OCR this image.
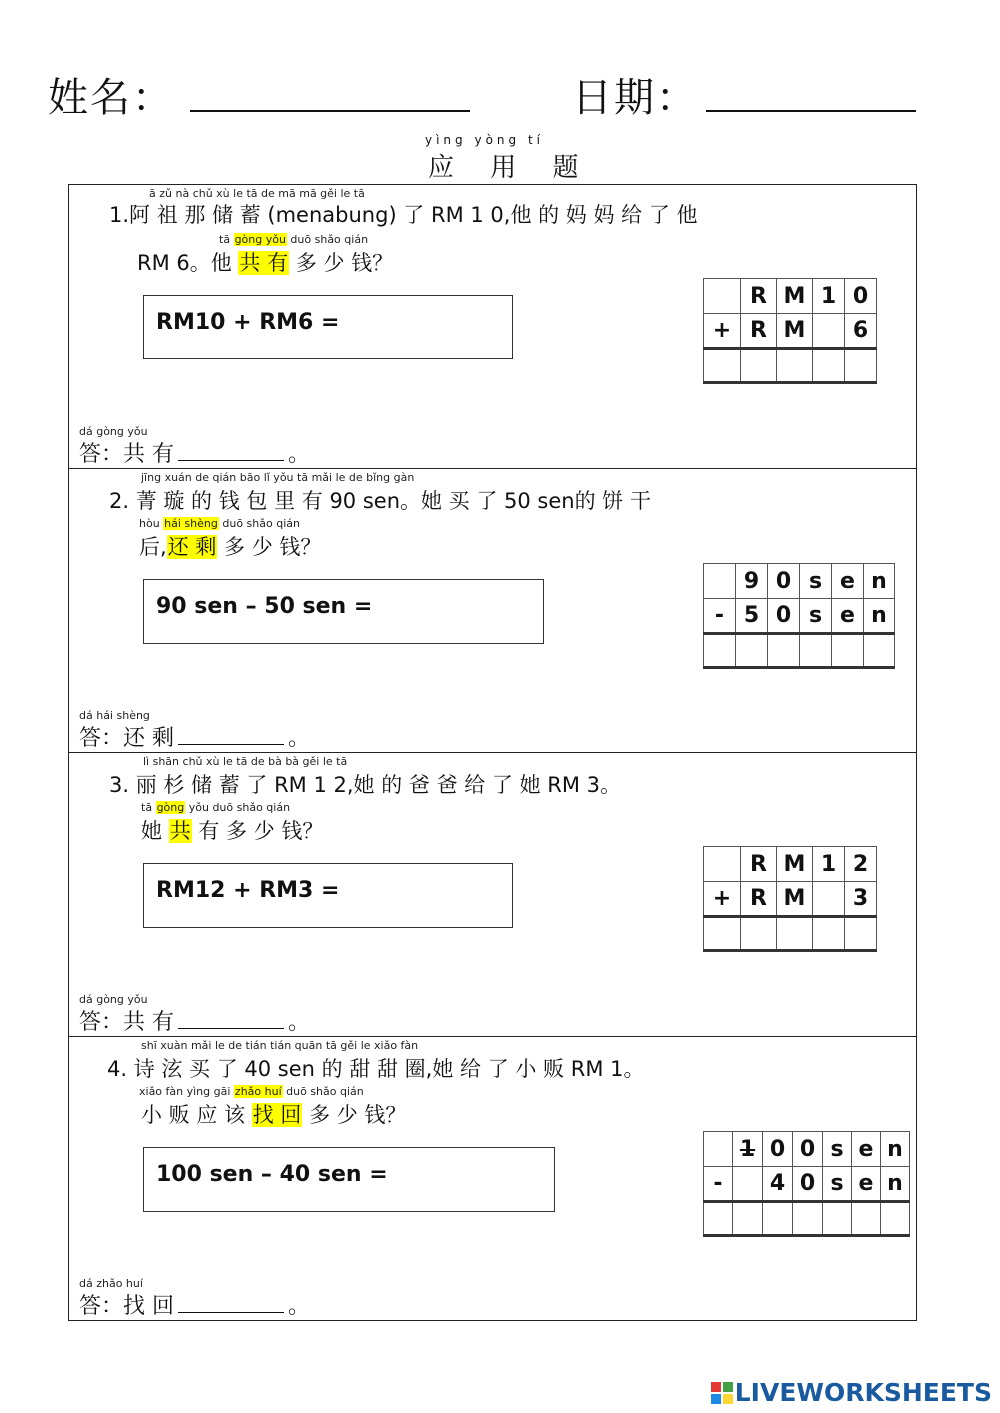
姓名：	日期：
yìng yòng tí
应 用 题
ā zǔ nà chǔ xù le tā de mā mā gěi le tā
1.阿 祖 那 储 蓄 (menabung) 了 RM 1 0,他 的 妈 妈 给 了 他
tā gòng yǒu duō shǎo qián
RM 6。他 共 有 多 少 钱？
RM10 + RM6 =
	R	M	1	0
+	R	M		6

dá gòng yǒu
答：共 有	。
jīng xuán de qián bāo lǐ yǒu tā mǎi le de bǐng gàn
2. 菁 璇 的 钱 包 里 有 90 sen。她 买 了 50 sen的 饼 干
hòu hái shèng duō shǎo qián
后,还 剩 多 少 钱？
90 sen – 50 sen =
	9	0	s	e	n
-	5	0	s	e	n

dá hái shèng
答：还 剩	。
lì shān chǔ xù le tā de bà bà gěi le tā
3. 丽 杉 储 蓄 了 RM 1 2,她 的 爸 爸 给 了 她 RM 3。
tā gòng yǒu duō shǎo qián
她 共 有 多 少 钱？
RM12 + RM3 =
	R	M	1	2
+	R	M		3

dá gòng yǒu
答：共 有	。
shī xuàn mǎi le de tián tián quān tā gěi le xiǎo fàn
4. 诗 泫 买 了 40 sen 的 甜 甜 圈,她 给 了 小 贩 RM 1。
xiǎo fàn yìng gāi zhǎo huí duō shǎo qián
小 贩 应 该 找 回 多 少 钱？
100 sen – 40 sen =
	1	0	0	s	e	n
-		4	0	s	e	n

dá zhǎo huí
答：找 回	。
LIVEWORKSHEETS
